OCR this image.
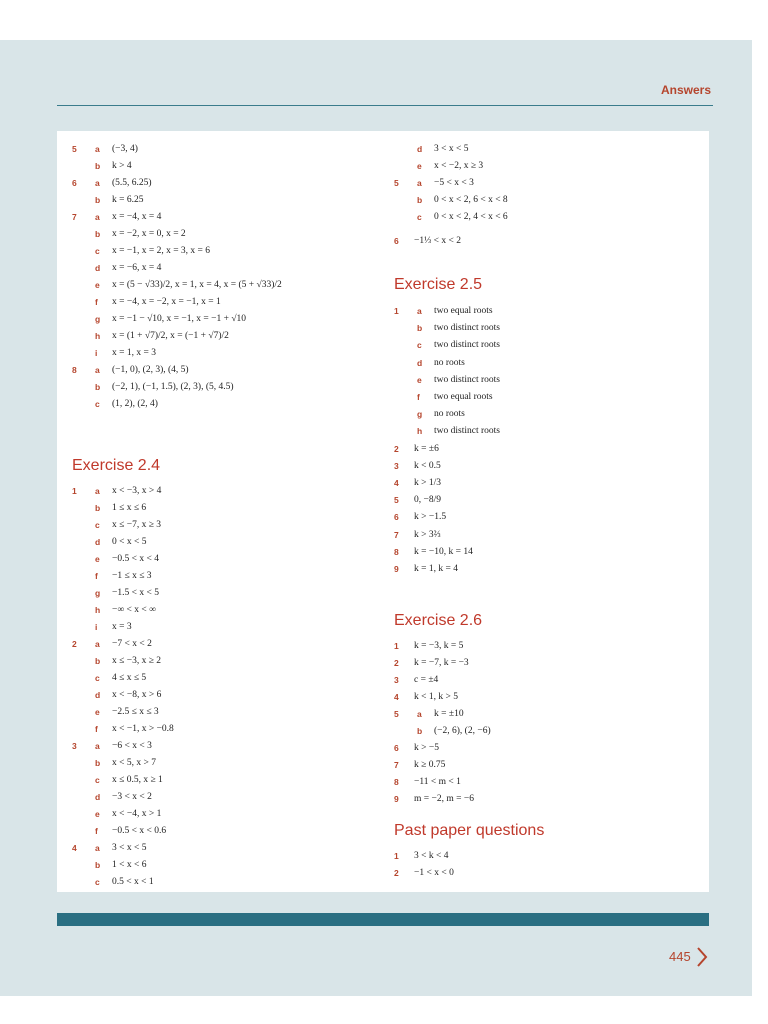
Answers
5 a (−3, 4)
b k > 4
6 a (5.5, 6.25)
b k = 6.25
7 a x = −4, x = 4
b x = −2, x = 0, x = 2
c x = −1, x = 2, x = 3, x = 6
d x = −6, x = 4
e x = (5 − √33)/2, x = 1, x = 4, x = (5 + √33)/2
f x = −4, x = −2, x = −1, x = 1
g x = −1 − √10, x = −1, x = −1 + √10
h x = (1 + √7)/2, x = (−1 + √7)/2
i x = 1, x = 3
8 a (−1, 0), (2, 3), (4, 5)
b (−2, 1), (−1, 1.5), (2, 3), (5, 4.5)
c (1, 2), (2, 4)
Exercise 2.4
1 a x < −3, x > 4
b 1 ≤ x ≤ 6
c x ≤ −7, x ≥ 3
d 0 < x < 5
e −0.5 < x < 4
f −1 ≤ x ≤ 3
g −1.5 < x < 5
h −∞ < x < ∞
i x = 3
2 a −7 < x < 2
b x ≤ −3, x ≥ 2
c 4 ≤ x ≤ 5
d x < −8, x > 6
e −2.5 ≤ x ≤ 3
f x < −1, x > −0.8
3 a −6 < x < 3
b x < 5, x > 7
c x ≤ 0.5, x ≥ 1
d −3 < x < 2
e x < −4, x > 1
f −0.5 < x < 0.6
4 a 3 < x < 5
b 1 < x < 6
c 0.5 < x < 1
d 3 < x < 5
e x < −2, x ≥ 3
5 a −5 < x < 3
b 0 < x < 2, 6 < x < 8
c 0 < x < 2, 4 < x < 6
6 −1⅓ < x < 2
Exercise 2.5
1 a two equal roots
b two distinct roots
c two distinct roots
d no roots
e two distinct roots
f two equal roots
g no roots
h two distinct roots
2 k = ±6
3 k < 0.5
4 k > 1/3
5 0, −8/9
6 k > −1.5
7 k > 3⅔
8 k = −10, k = 14
9 k = 1, k = 4
Exercise 2.6
1 k = −3, k = 5
2 k = −7, k = −3
3 c = ±4
4 k < 1, k > 5
5 a k = ±10
b (−2, 6), (2, −6)
6 k > −5
7 k ≥ 0.75
8 −11 < m < 1
9 m = −2, m = −6
Past paper questions
1 3 < k < 4
2 −1 < x < 0
445
